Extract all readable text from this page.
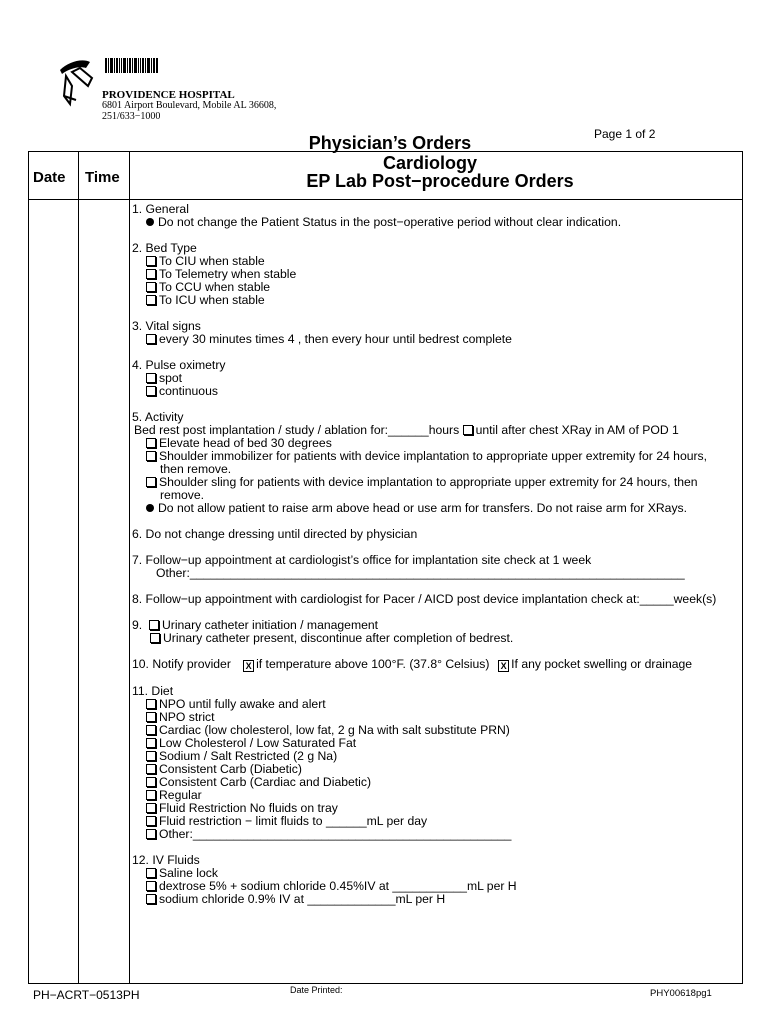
PROVIDENCE HOSPITAL
6801 Airport Boulevard, Mobile AL 36608,
251/633−1000
Page 1 of 2
Physician’s Orders
Cardiology
EP Lab Post−procedure Orders
Date Time
1. General
Do not change the Patient Status in the post−operative period without clear indication.
2. Bed Type
To CIU when stable
To Telemetry when stable
To CCU when stable
To ICU when stable
3. Vital signs
every 30 minutes times 4 , then every hour until bedrest complete
4. Pulse oximetry
spot
continuous
5. Activity
Bed rest post implantation / study / ablation for:______hours until after chest XRay in AM of POD 1
Elevate head of bed 30 degrees
Shoulder immobilizer for patients with device implantation to appropriate upper extremity for 24 hours,
then remove.
Shoulder sling for patients with device implantation to appropriate upper extremity for 24 hours, then
remove.
Do not allow patient to raise arm above head or use arm for transfers. Do not raise arm for XRays.
6. Do not change dressing until directed by physician
7. Follow−up appointment at cardiologist’s office for implantation site check at 1 week
Other:_________________________________________________________________________
8. Follow−up appointment with cardiologist for Pacer / AICD post device implantation check at:_____week(s)
9. Urinary catheter initiation / management
Urinary catheter present, discontinue after completion of bedrest.
10. Notify provider X if temperature above 100°F. (37.8° Celsius) X If any pocket swelling or drainage
11. Diet
NPO until fully awake and alert
NPO strict
Cardiac (low cholesterol, low fat, 2 g Na with salt substitute PRN)
Low Cholesterol / Low Saturated Fat
Sodium / Salt Restricted (2 g Na)
Consistent Carb (Diabetic)
Consistent Carb (Cardiac and Diabetic)
Regular
Fluid Restriction No fluids on tray
Fluid restriction − limit fluids to ______mL per day
Other:_______________________________________________
12. IV Fluids
Saline lock
dextrose 5% + sodium chloride 0.45%IV at ___________mL per H
sodium chloride 0.9% IV at _____________mL per H
PH−ACRT−0513PH	Date Printed:	PHY00618pg1
